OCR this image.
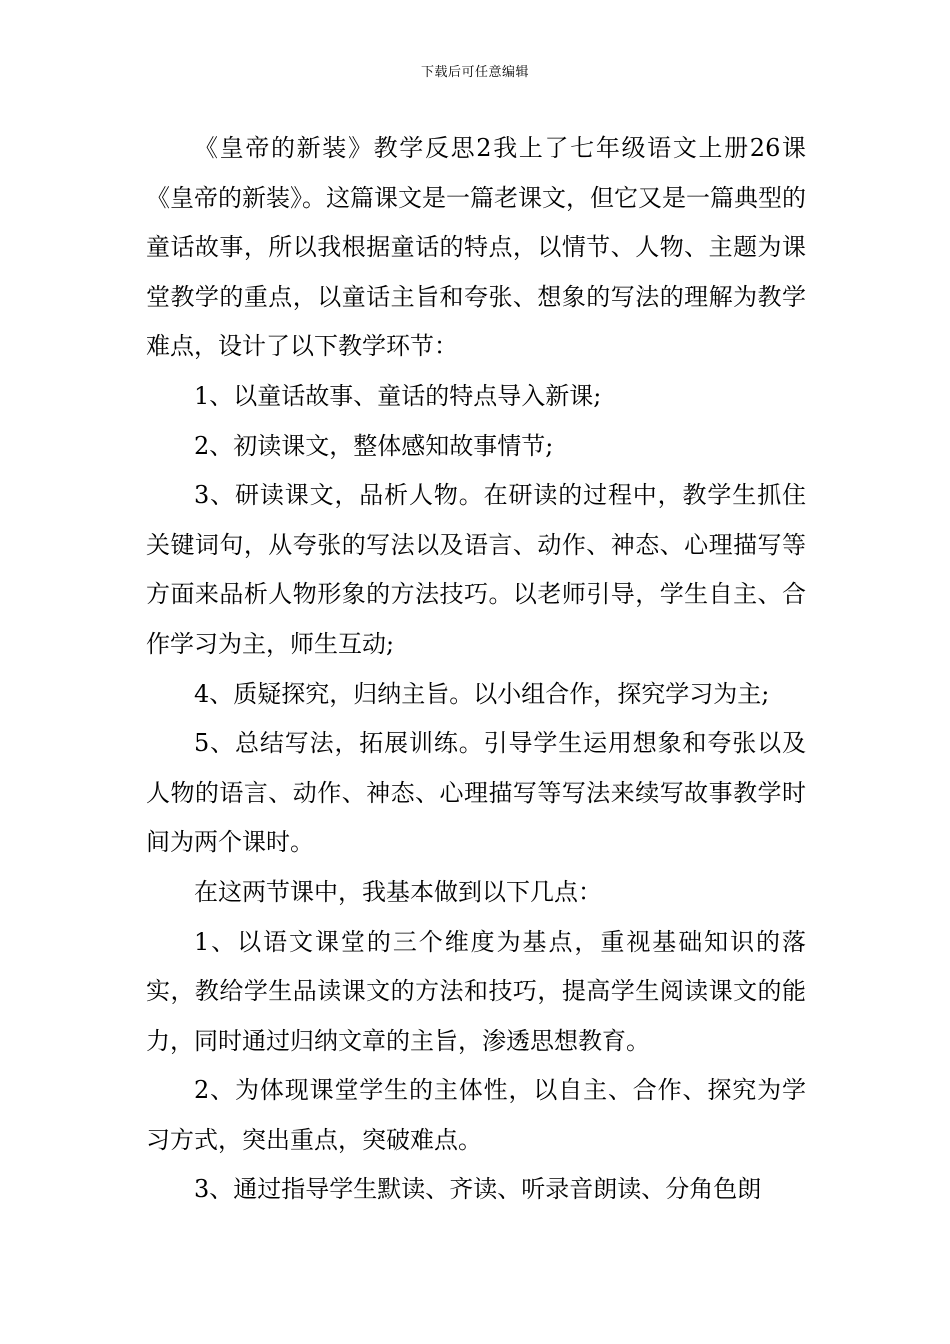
下载后可任意编辑

《皇帝的新装》教学反思2我上了七年级语文上册26课《皇帝的新装》。这篇课文是一篇老课文，但它又是一篇典型的童话故事，所以我根据童话的特点，以情节、人物、主题为课堂教学的重点，以童话主旨和夸张、想象的写法的理解为教学难点，设计了以下教学环节：

1、以童话故事、童话的特点导入新课;

2、初读课文，整体感知故事情节;

3、研读课文，品析人物。在研读的过程中，教学生抓住关键词句，从夸张的写法以及语言、动作、神态、心理描写等方面来品析人物形象的方法技巧。以老师引导，学生自主、合作学习为主，师生互动;

4、质疑探究，归纳主旨。以小组合作，探究学习为主;

5、总结写法，拓展训练。引导学生运用想象和夸张以及人物的语言、动作、神态、心理描写等写法来续写故事教学时间为两个课时。

在这两节课中，我基本做到以下几点：

1、以语文课堂的三个维度为基点，重视基础知识的落实，教给学生品读课文的方法和技巧，提高学生阅读课文的能力，同时通过归纳文章的主旨，渗透思想教育。

2、为体现课堂学生的主体性，以自主、合作、探究为学习方式，突出重点，突破难点。

3、通过指导学生默读、齐读、听录音朗读、分角色朗
